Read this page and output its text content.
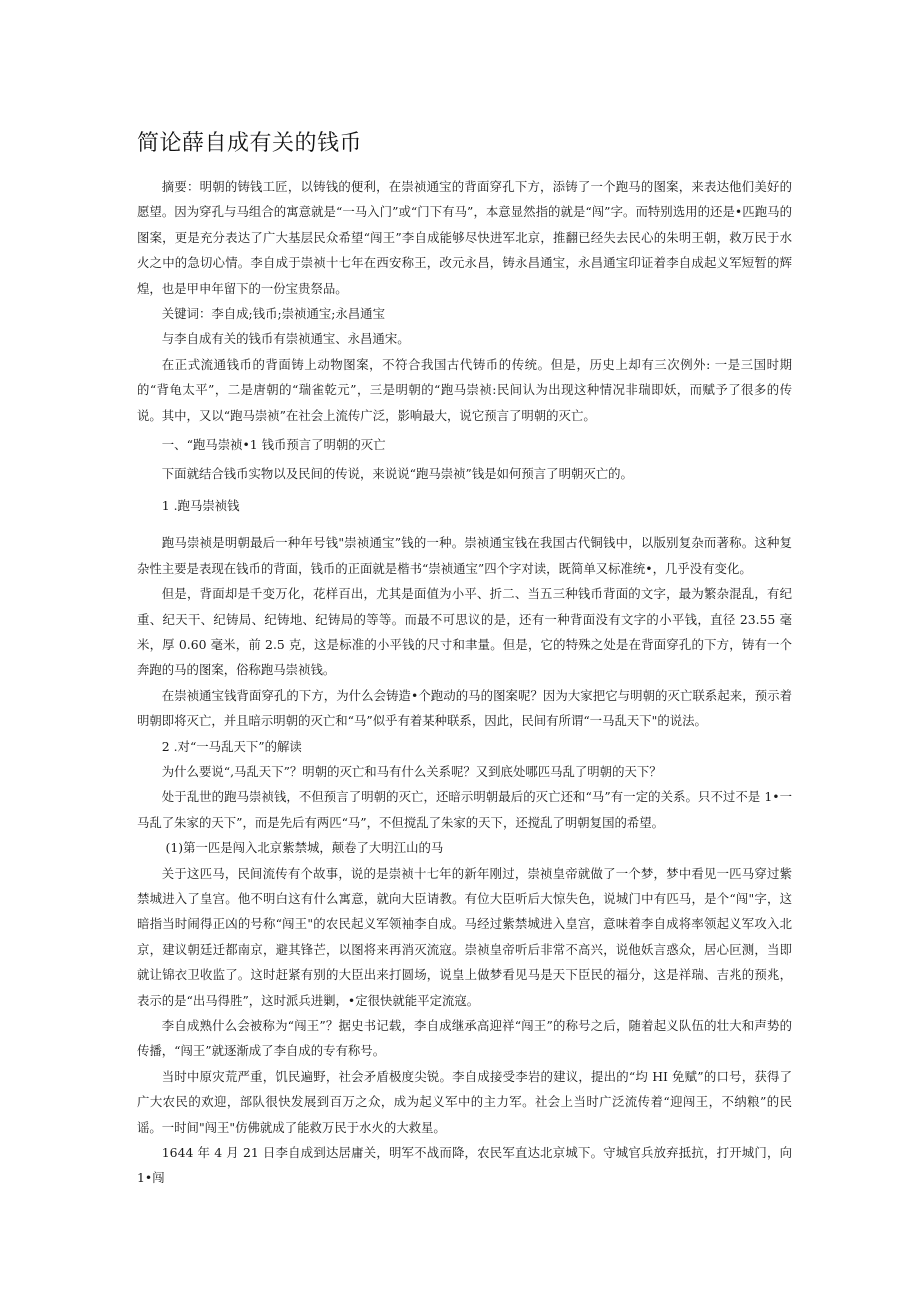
简论薛自成有关的钱币

摘要：明朝的铸钱工匠，以铸钱的便利，在崇祯通宝的背面穿孔下方，添铸了一个跑马的图案，来表达他们美好的愿望。因为穿孔与马组合的寓意就是“一马入门”或“门下有马”，本意显然指的就是“闯”字。而特别选用的还是•匹跑马的图案，更是充分表达了广大基层民众希望“闯王”李自成能够尽快进军北京，推翻已经失去民心的朱明王朝，救万民于水火之中的急切心情。李自成于崇祯十七年在西安称王，改元永昌，铸永昌通宝，永昌通宝印证着李自成起义军短暂的辉煌，也是甲申年留下的一份宝贵祭品。

关键词：李自成;钱币;崇祯通宝;永昌通宝

与李自成有关的钱币有崇祯通宝、永昌通宋。

在正式流通钱币的背面铸上动物图案，不符合我国古代铸币的传统。但是，历史上却有三次例外: 一是三国时期的“背龟太平”，二是唐朝的“瑞雀乾元”，三是明朝的“跑马崇祯:民间认为出现这种情况非瑞即妖，而赋予了很多的传说。其中，又以“跑马崇祯”在社会上流传广泛，影响最大，说它预言了明朝的灭亡。

一、“跑马崇祯•1 钱币预言了明朝的灭亡

下面就结合钱币实物以及民间的传说，来说说“跑马崇祯”钱是如何预言了明朝灭亡的。

1 .跑马崇祯钱

跑马崇祯是明朝最后一种年号钱"崇祯通宝”钱的一种。崇祯通宝钱在我国古代铜钱中，以版别复杂而著称。这种复杂性主要是表现在钱币的背面，钱币的正面就是楷书“崇祯通宝”四个字对读，既简单又标准统•，几乎没有变化。

但是，背面却是千变万化，花样百出，尤其是面值为小平、折二、当五三种钱币背面的文字，最为繁杂混乱，有纪重、纪天干、纪铸局、纪铸地、纪铸局的等等。而最不可思议的是，还有一种背面没有文字的小平钱，直径 23.55 毫米，厚 0.60 毫米，前 2.5 克，这是标准的小平钱的尺寸和聿量。但是，它的特殊之处是在背面穿孔的下方，铸有一个奔跑的马的图案，俗称跑马崇祯钱。

在崇祯通宝钱背面穿孔的下方，为什么会铸造•个跑动的马的图案呢？因为大家把它与明朝的灭亡联系起来，预示着明朝即将灭亡，并且暗示明朝的灭亡和“马”似乎有着某种联系，因此，民间有所谓“一马乱天下"的说法。

2 .对“一马乱天下”的解读

为什么要说“,马乱天下”？明朝的灭亡和马有什么关系呢？又到底处哪匹马乱了明朝的天下？

处于乱世的跑马崇祯钱，不但预言了明朝的灭亡，还暗示明朝最后的灭亡还和“马”有一定的关系。只不过不是 1•一马乱了朱家的天下”，而是先后有两匹“马”，不但搅乱了朱家的天下，还搅乱了明朝复国的希望。

(1)第一匹是闯入北京紫禁城，颠卷了大明江山的马

关于这匹马，民间流传有个故事，说的是崇祯十七年的新年刚过，崇祯皇帝就做了一个梦，梦中看见一匹马穿过紫禁城进入了皇宫。他不明白这有什么寓意，就向大臣请教。有位大臣听后大惊失色，说城门中有匹马，是个“闯"字，这暗指当时闹得正凶的号称“闯王"的农民起义军领袖李自成。马经过紫禁城进入皇宫，意味着李自成将率领起义军攻入北京，建议朝廷迁都南京，避其锋芒，以图将来再消灭流寇。崇祯皇帝听后非常不高兴，说他妖言惑众，居心叵测，当即就让锦衣卫收监了。这时赶紧有别的大臣出来打圆场，说皇上做梦看见马是天下臣民的福分，这是祥瑞、吉兆的预兆，表示的是“出马得胜”，这时派兵进剿，•定很快就能平定流寇。

李自成熟什么会被称为“闯王”？据史书记载，李自成继承高迎祥“闯王”的称号之后，随着起义队伍的壮大和声势的传播，“闯王”就逐渐成了李自成的专有称号。

当时中原灾荒严重，饥民遍野，社会矛盾极度尖锐。李自成接受李岩的建议，提出的“均 HI 免赋”的口号，获得了广大农民的欢迎，部队很快发展到百万之众，成为起义军中的主力军。社会上当时广泛流传着“迎闯王，不纳粮”的民谣。一时间"闯王"仿佛就成了能救万民于水火的大救星。

1644 年 4 月 21 日李自成到达居庸关，明军不战而降，农民军直达北京城下。守城官兵放弃抵抗，打开城门，向 1•闯
